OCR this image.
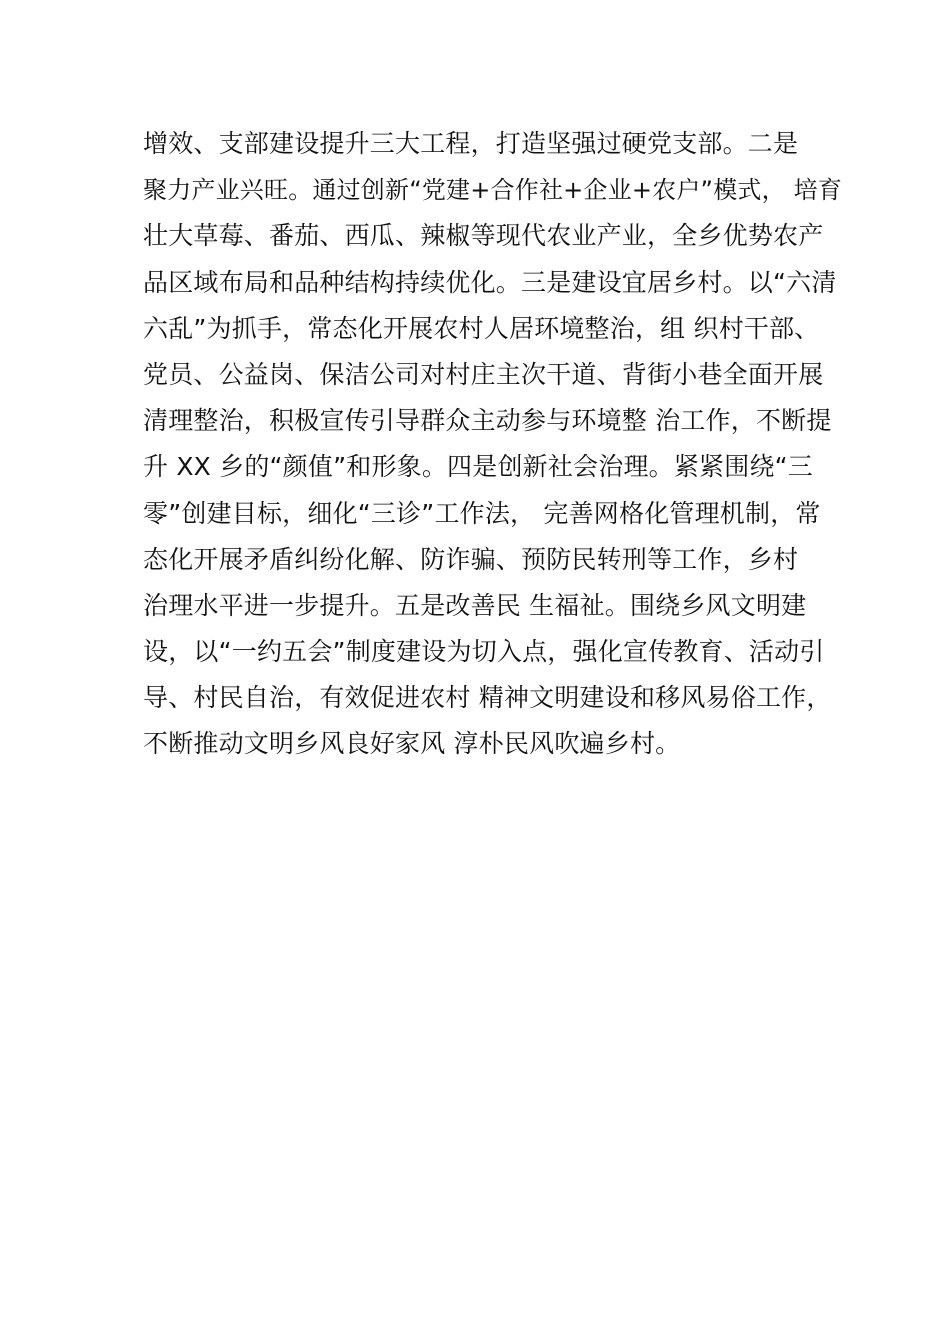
增效、支部建设提升三大工程，打造坚强过硬党支部。二是
聚力产业兴旺。通过创新“党建+合作社+企业+农户”模式， 培育
壮大草莓、番茄、西瓜、辣椒等现代农业产业，全乡优势农产
品区域布局和品种结构持续优化。三是建设宜居乡村。以“六清
六乱”为抓手，常态化开展农村人居环境整治，组 织村干部、
党员、公益岗、保洁公司对村庄主次干道、背街小巷全面开展
清理整治，积极宣传引导群众主动参与环境整 治工作，不断提
升 XX 乡的“颜值”和形象。四是创新社会治理。紧紧围绕“三
零”创建目标，细化“三诊”工作法， 完善网格化管理机制，常
态化开展矛盾纠纷化解、防诈骗、预防民转刑等工作，乡村
治理水平进一步提升。五是改善民 生福祉。围绕乡风文明建
设，以“一约五会”制度建设为切入点，强化宣传教育、活动引
导、村民自治，有效促进农村 精神文明建设和移风易俗工作，
不断推动文明乡风良好家风 淳朴民风吹遍乡村。
